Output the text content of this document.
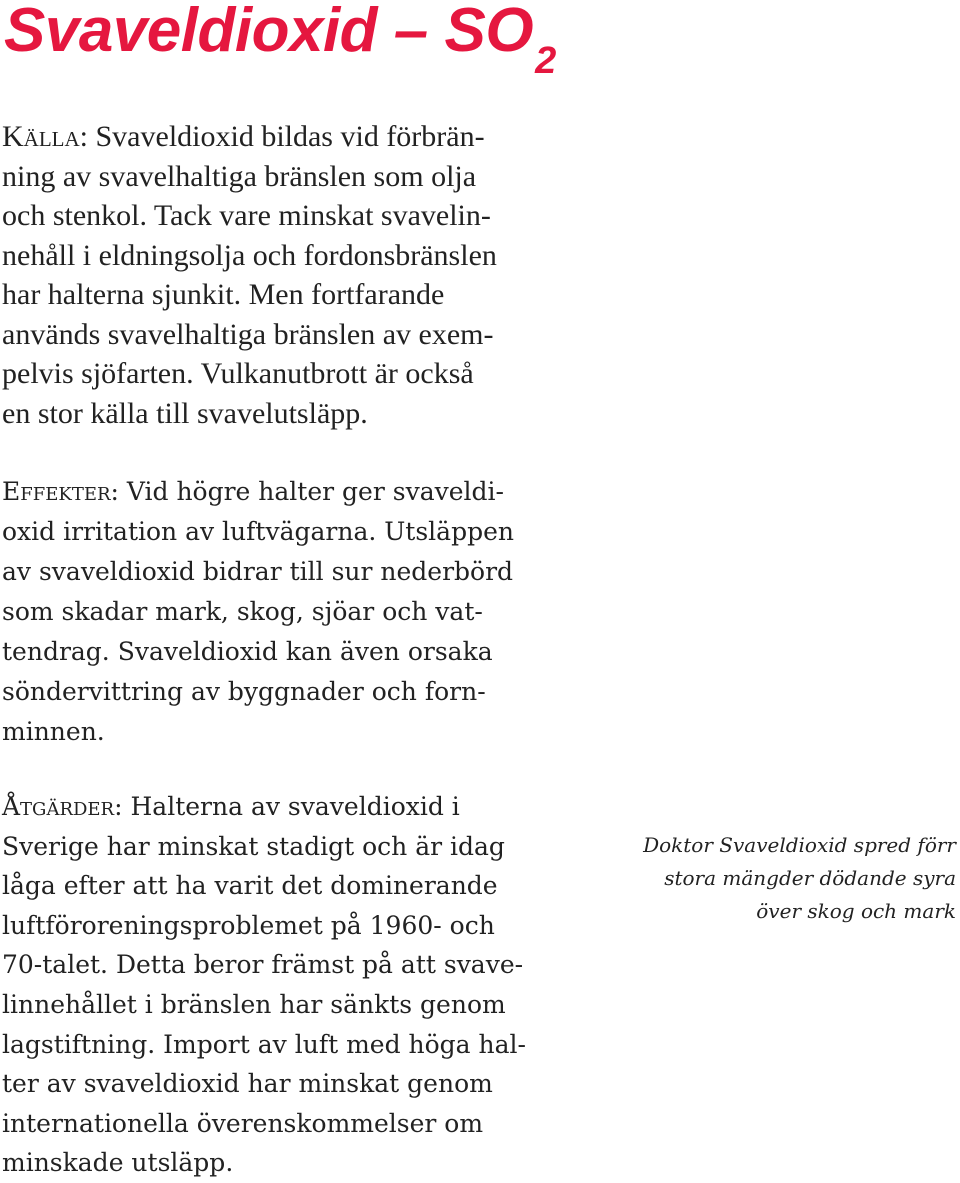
Svaveldioxid – $SO_2$
Källa: Svaveldioxid bildas vid förbrän-
ning av svavelhaltiga bränslen som olja
och stenkol. Tack vare minskat svavelin-
nehåll i eldningsolja och fordonsbränslen
har halterna sjunkit. Men fortfarande
används svavelhaltiga bränslen av exem-
pelvis sjöfarten. Vulkanutbrott är också
en stor källa till svavelutsläpp.
Effekter: Vid högre halter ger svaveldi-
oxid irritation av luftvägarna. Utsläppen
av svaveldioxid bidrar till sur nederbörd
som skadar mark, skog, sjöar och vat-
tendrag. Svaveldioxid kan även orsaka
söndervittring av byggnader och forn-
minnen.
Åtgärder: Halterna av svaveldioxid i
Sverige har minskat stadigt och är idag
låga efter att ha varit det dominerande
luftföroreningsproblemet på 1960- och
70-talet. Detta beror främst på att svave-
linnehållet i bränslen har sänkts genom
lagstiftning. Import av luft med höga hal-
ter av svaveldioxid har minskat genom
internationella överenskommelser om
minskade utsläpp.
Doktor Svaveldioxid spred förr
stora mängder dödande syra
över skog och mark
